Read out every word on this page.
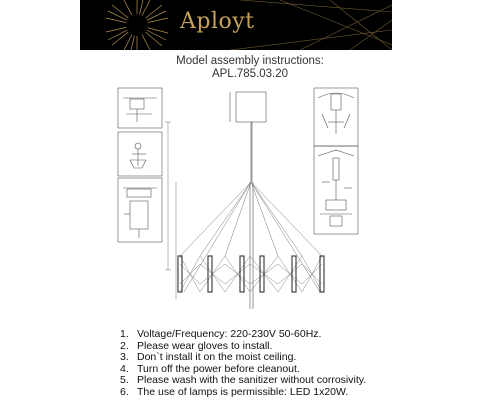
Aployt
Model assembly instructions:
APL.785.03.20
1. Voltage/Frequency: 220-230V 50-60Hz.
2. Please wear gloves to install.
3. Don`t install it on the moist ceiling.
4. Turn off the power before cleanout.
5. Please wash with the sanitizer without corrosivity.
6. The use of lamps is permissible: LED 1x20W.
